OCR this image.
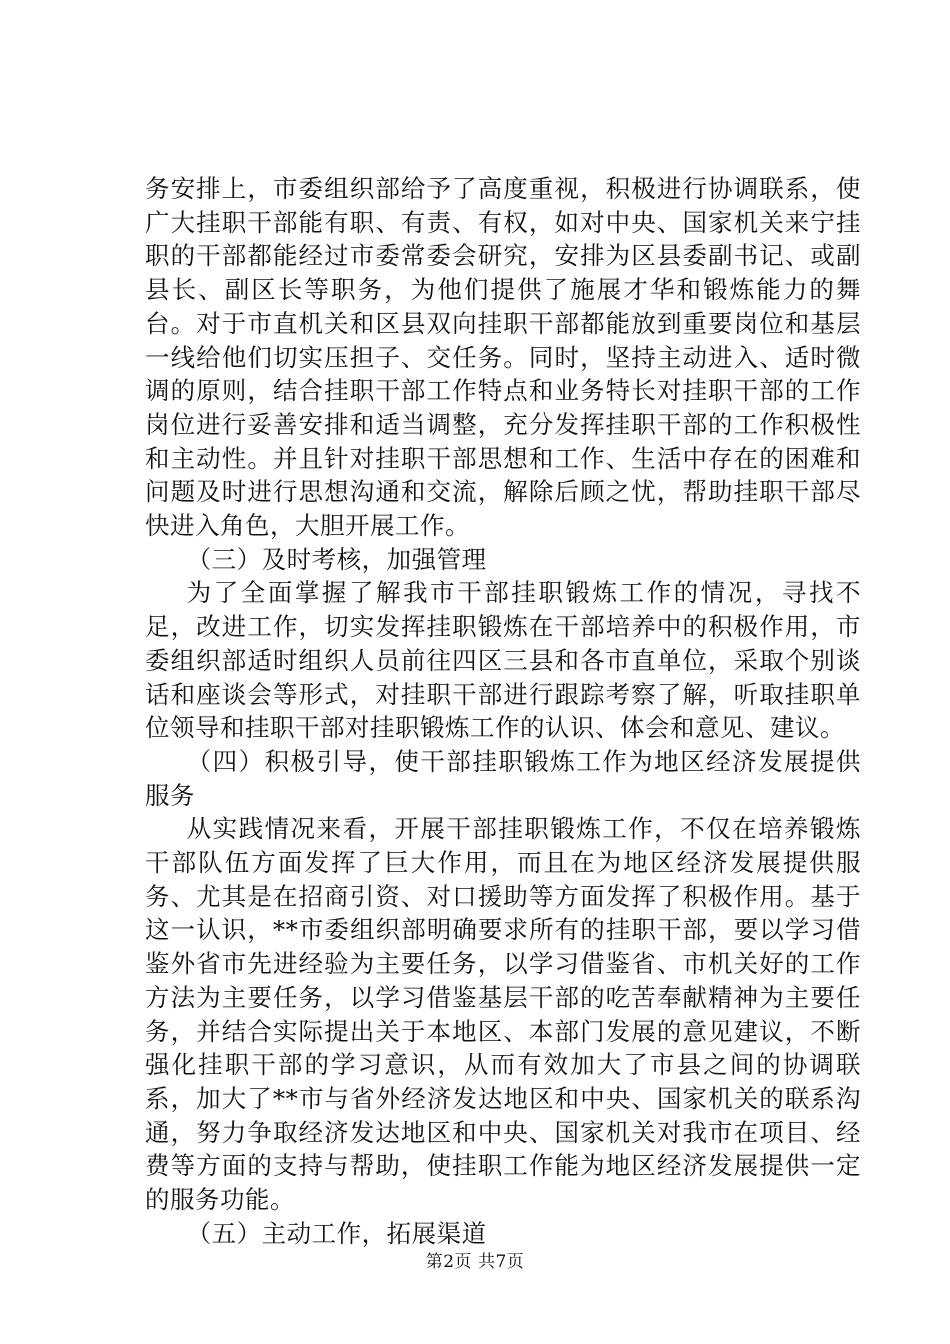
务安排上，市委组织部给予了高度重视，积极进行协调联系，使广大挂职干部能有职、有责、有权，如对中央、国家机关来宁挂职的干部都能经过市委常委会研究，安排为区县委副书记、或副县长、副区长等职务，为他们提供了施展才华和锻炼能力的舞台。对于市直机关和区县双向挂职干部都能放到重要岗位和基层一线给他们切实压担子、交任务。同时，坚持主动进入、适时微调的原则，结合挂职干部工作特点和业务特长对挂职干部的工作岗位进行妥善安排和适当调整，充分发挥挂职干部的工作积极性和主动性。并且针对挂职干部思想和工作、生活中存在的困难和问题及时进行思想沟通和交流，解除后顾之忧，帮助挂职干部尽快进入角色，大胆开展工作。

（三）及时考核，加强管理

为了全面掌握了解我市干部挂职锻炼工作的情况，寻找不足，改进工作，切实发挥挂职锻炼在干部培养中的积极作用，市委组织部适时组织人员前往四区三县和各市直单位，采取个别谈话和座谈会等形式，对挂职干部进行跟踪考察了解，听取挂职单位领导和挂职干部对挂职锻炼工作的认识、体会和意见、建议。

（四）积极引导，使干部挂职锻炼工作为地区经济发展提供服务

从实践情况来看，开展干部挂职锻炼工作，不仅在培养锻炼干部队伍方面发挥了巨大作用，而且在为地区经济发展提供服务、尤其是在招商引资、对口援助等方面发挥了积极作用。基于这一认识，**市委组织部明确要求所有的挂职干部，要以学习借鉴外省市先进经验为主要任务，以学习借鉴省、市机关好的工作方法为主要任务，以学习借鉴基层干部的吃苦奉献精神为主要任务，并结合实际提出关于本地区、本部门发展的意见建议，不断强化挂职干部的学习意识，从而有效加大了市县之间的协调联系，加大了**市与省外经济发达地区和中央、国家机关的联系沟通，努力争取经济发达地区和中央、国家机关对我市在项目、经费等方面的支持与帮助，使挂职工作能为地区经济发展提供一定的服务功能。

（五）主动工作，拓展渠道

第2页 共7页
